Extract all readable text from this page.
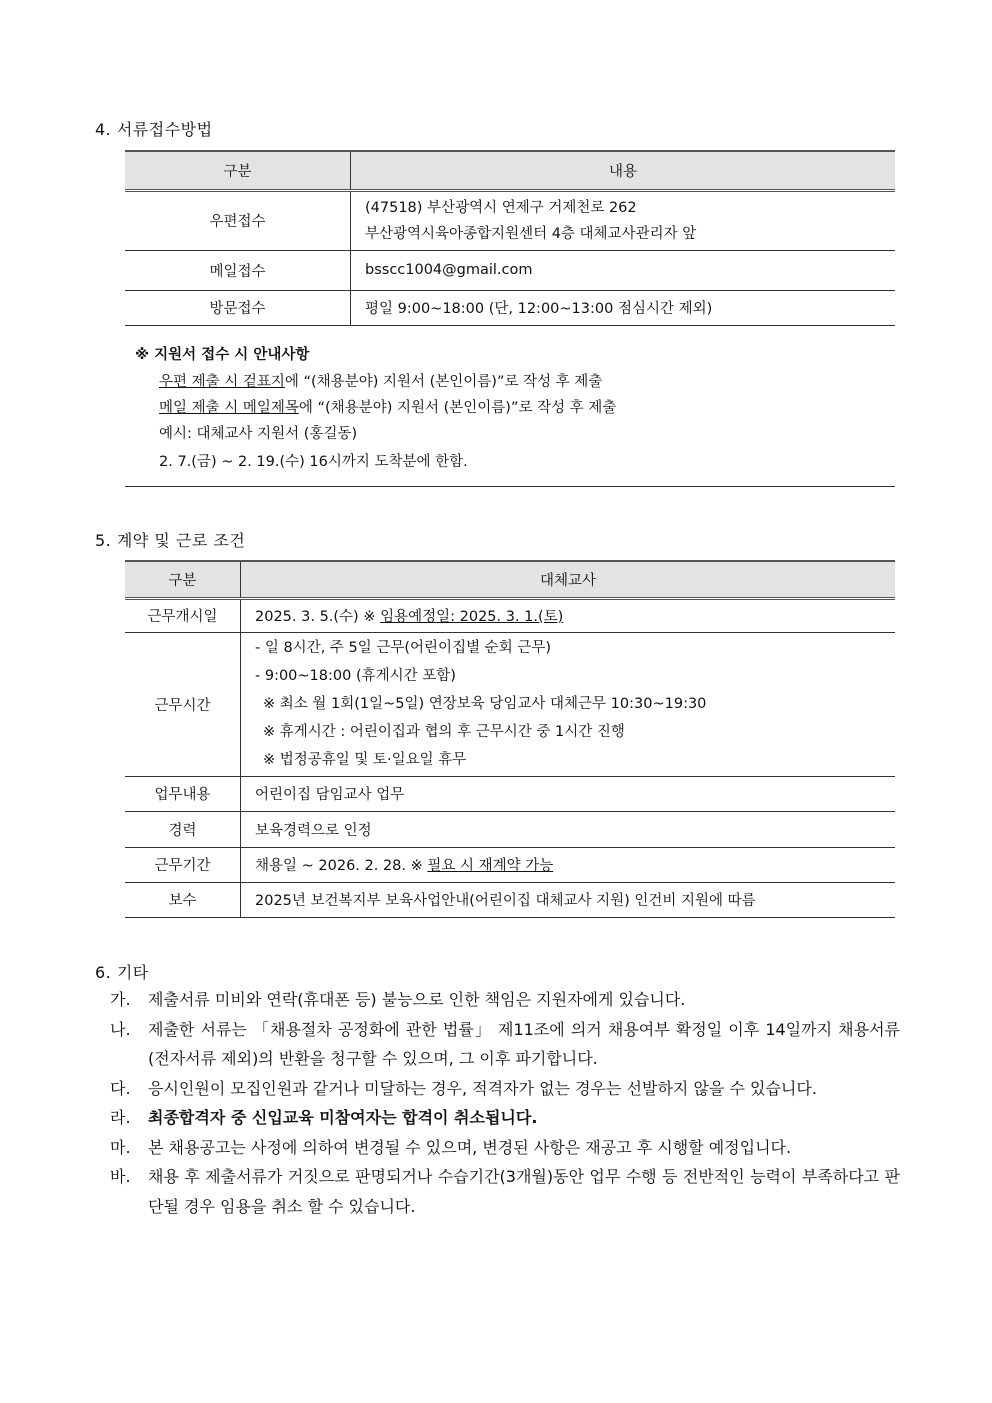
4. 서류접수방법
구분	내용
우편접수	(47518) 부산광역시 연제구 거제천로 262
부산광역시육아종합지원센터 4층 대체교사관리자 앞

메일접수	bsscc1004@gmail.com
방문접수	평일 9:00~18:00 (단, 12:00~13:00 점심시간 제외)
※ 지원서 접수 시 안내사항
우편 제출 시 겉표지에 “(채용분야) 지원서 (본인이름)”로 작성 후 제출
메일 제출 시 메일제목에 “(채용분야) 지원서 (본인이름)”로 작성 후 제출
예시: 대체교사 지원서 (홍길동)
2. 7.(금) ~ 2. 19.(수) 16시까지 도착분에 한함.
5. 계약 및 근로 조건
구분	대체교사
근무개시일	2025. 3. 5.(수) ※ 임용예정일: 2025. 3. 1.(토)
근무시간	- 일 8시간, 주 5일 근무(어린이집별 순회 근무)
- 9:00~18:00 (휴게시간 포함)
※ 최소 월 1회(1일~5일) 연장보육 당임교사 대체근무 10:30~19:30
※ 휴게시간 : 어린이집과 협의 후 근무시간 중 1시간 진행
※ 법정공휴일 및 토·일요일 휴무

업무내용	어린이집 담임교사 업무
경력	보육경력으로 인정
근무기간	채용일 ~ 2026. 2. 28. ※ 필요 시 재계약 가능
보수	2025년 보건복지부 보육사업안내(어린이집 대체교사 지원) 인건비 지원에 따름
6. 기타
가. 제출서류 미비와 연락(휴대폰 등) 불능으로 인한 책임은 지원자에게 있습니다.
나. 제출한 서류는 「채용절차 공정화에 관한 법률」 제11조에 의거 채용여부 확정일 이후 14일까지 채용서류(전자서류 제외)의 반환을 청구할 수 있으며, 그 이후 파기합니다.
다. 응시인원이 모집인원과 같거나 미달하는 경우, 적격자가 없는 경우는 선발하지 않을 수 있습니다.
라. 최종합격자 중 신입교육 미참여자는 합격이 취소됩니다.
마. 본 채용공고는 사정에 의하여 변경될 수 있으며, 변경된 사항은 재공고 후 시행할 예정입니다.
바. 채용 후 제출서류가 거짓으로 판명되거나 수습기간(3개월)동안 업무 수행 등 전반적인 능력이 부족하다고 판단될 경우 임용을 취소 할 수 있습니다.
